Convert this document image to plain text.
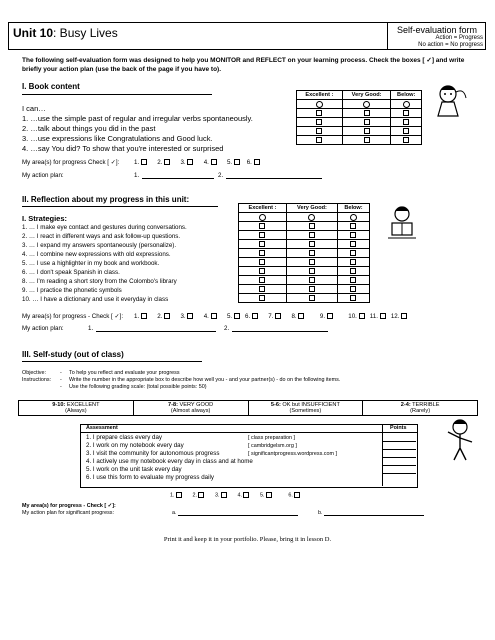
Unit 10: Busy Lives	Self-evaluation form
Action = Progress
No action = No progress
The following self-evaluation form was designed to help you MONITOR and REFLECT on your learning process. Check the boxes [ ✓] and write briefly your action plan (use the back of the page if you have to).
I. Book content
Excellent :	Very Good:	Below:

I can…
1. …use the simple past of regular and irregular verbs spontaneously.
2. …talk about things you did in the past
3. …use expressions like Congratulations and Good luck.
4. …say You did? To show that you're interested or surprised
My area(s) for progress Check [ ✓]: 1.	2.	3.	4.	5. 6.
My action plan:	1.	2.
II. Reflection about my progress in this unit:
Excellent :	Very Good:	Below:

I. Strategies:
1. … I make eye contact and gestures during conversations.
2. … I react in different ways and ask follow-up questions.
3. … I expand my answers spontaneously (personalize).
4. … I combine new expressions with old expressions.
5. … I use a highlighter in my book and workbook.
6. … I don't speak Spanish in class.
8. … I'm reading a short story from the Colombo's library
9. … I practice the phonetic symbols
10. … I have a dictionary and use it everyday in class
My area(s) for progress - Check [ ✓]: 1.	2.	3.	4.	5. 6.	7.	8.	9.	10. 11. 12.
My action plan:	1.	2.
III. Self-study (out of class)
Objective:	- To help you reflect and evaluate your progress
Instructions: - Write the number in the appropriate box to describe how well you - and your partner(s) - do on the following items.
- Use the following grading scale: (total possible points: 50)
9-10: EXCELLENT
(Always)	7-8: VERY GOOD
(Almost always)	5-6: OK but INSUFFICIENT
(Sometimes)	2-4: TERRIBLE
(Rarely)
Assessment	Points
1. I prepare class every day	[ class preparation ]
2. I work on my notebook every day	[ cambridgelsm.org ]
3. I visit the community for autonomous progress	[ significantprogress.wordpress.com ]
4. I actively use my notebook every day in class and at home
5. I work on the unit task every day
6. I use this form to evaluate my progress daily
1.	2.	3.	4.	5.	6.
My area(s) for progress - Check [ ✓]:
My action plan for significant progress:	a.	b.
Print it and keep it in your portfolio. Please, bring it in lesson D.
